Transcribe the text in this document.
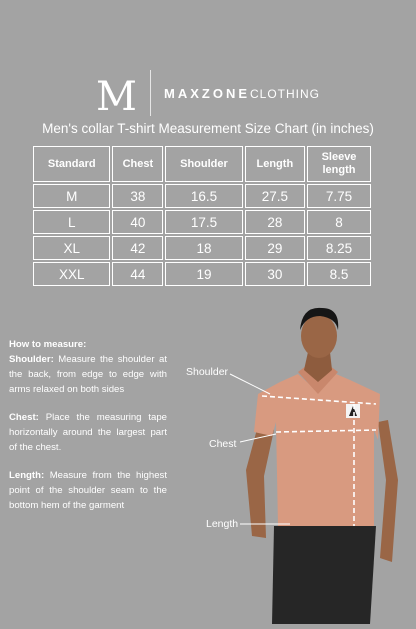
M MAXZONECLOTHING
Men's collar T-shirt Measurement Size Chart (in inches)
Standard	Chest	Shoulder	Length	Sleeve length
M	38	16.5	27.5	7.75
L	40	17.5	28	8
XL	42	18	29	8.25
XXL	44	19	30	8.5
How to measure:

Shoulder: Measure the shoulder at the back, from edge to edge with arms relaxed on both sides

Chest: Place the measuring tape horizontally around the largest part of the chest.

Length: Measure from the highest point of the shoulder seam to the bottom hem of the garment

Shoulder
Chest
Length
